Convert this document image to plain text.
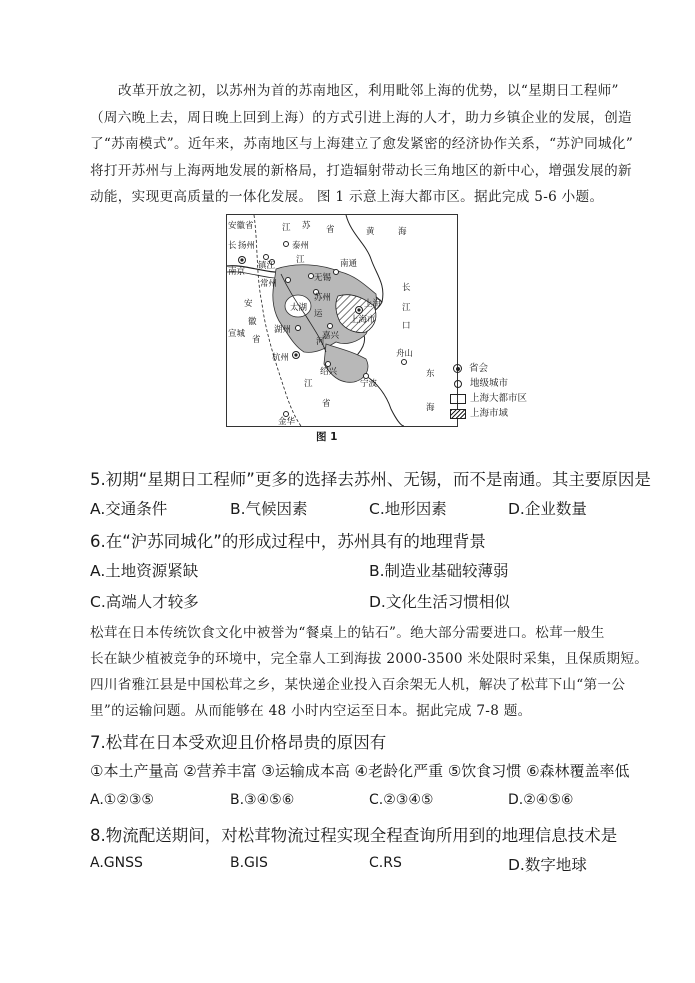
改革开放之初，以苏州为首的苏南地区，利用毗邻上海的优势，以“星期日工程师”
（周六晚上去，周日晚上回到上海）的方式引进上海的人才，助力乡镇企业的发展，创造
了“苏南模式”。近年来，苏南地区与上海建立了愈发紧密的经济协作关系，“苏沪同城化”
将打开苏州与上海两地发展的新格局，打造辐射带动长三角地区的新中心，增强发展的新
动能，实现更高质量的一体化发展。 图 1 示意上海大都市区。据此完成 5-6 小题。
安徽省	江 苏 省	黄	海
泰州
长 扬州
南京
镇江
江	南通
常州
无锡
苏州
太湖
安
徽
省
宣城	湖州
嘉兴
上海
上海市
杭州
绍兴
宁波
舟山
江
省
金华
长
江
口
东
海
运
河
省会
地级城市
上海大都市区
上海市域
图 1
5.初期“星期日工程师”更多的选择去苏州、无锡，而不是南通。其主要原因是
A.交通条件	B.气候因素	C.地形因素	D.企业数量
6.在“沪苏同城化”的形成过程中，苏州具有的地理背景
A.土地资源紧缺	B.制造业基础较薄弱
C.高端人才较多	D.文化生活习惯相似
松茸在日本传统饮食文化中被誉为“餐桌上的钻石”。绝大部分需要进口。松茸一般生
长在缺少植被竞争的环境中，完全靠人工到海拔 2000-3500 米处限时采集，且保质期短。
四川省雅江县是中国松茸之乡，某快递企业投入百余架无人机，解决了松茸下山“第一公
里”的运输问题。从而能够在 48 小时内空运至日本。据此完成 7-8 题。
7.松茸在日本受欢迎且价格昂贵的原因有
①本土产量高 ②营养丰富 ③运输成本高 ④老龄化严重 ⑤饮食习惯 ⑥森林覆盖率低
A.①②③⑤	B.③④⑤⑥	C.②③④⑤	D.②④⑤⑥
8.物流配送期间，对松茸物流过程实现全程查询所用到的地理信息技术是
A.GNSS	B.GIS	C.RS	D.数字地球
